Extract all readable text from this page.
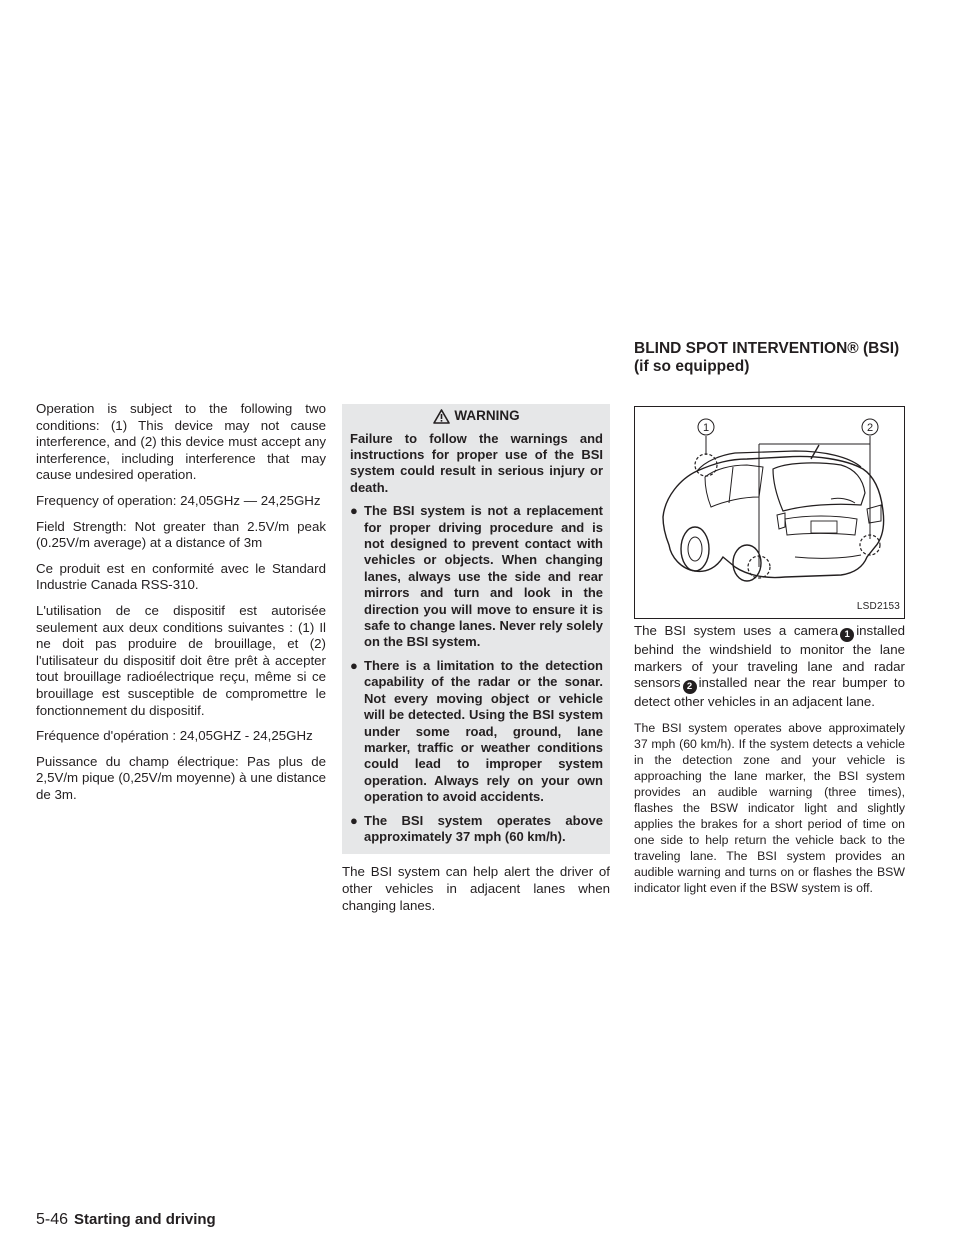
BLIND SPOT INTERVENTION® (BSI)
(if so equipped)

Operation is subject to the following two conditions: (1) This device may not cause interference, and (2) this device must accept any interference, including interference that may cause undesired operation.

Frequency of operation: 24,05GHz — 24,25GHz

Field Strength: Not greater than 2.5V/m peak (0.25V/m average) at a distance of 3m

Ce produit est en conformité avec le Standard Industrie Canada RSS-310.

L'utilisation de ce dispositif est autorisée seulement aux deux conditions suivantes : (1) Il ne doit pas produire de brouillage, et (2) l'utilisateur du dispositif doit être prêt à accepter tout brouillage radioélectrique reçu, même si ce brouillage est susceptible de compromettre le fonctionnement du dispositif.

Fréquence d'opération : 24,05GHZ - 24,25GHz

Puissance du champ électrique: Pas plus de 2,5V/m pique (0,25V/m moyenne) à une distance de 3m.

WARNING

Failure to follow the warnings and instructions for proper use of the BSI system could result in serious injury or death.

● The BSI system is not a replacement for proper driving procedure and is not designed to prevent contact with vehicles or objects. When changing lanes, always use the side and rear mirrors and turn and look in the direction you will move to ensure it is safe to change lanes. Never rely solely on the BSI system.
● There is a limitation to the detection capability of the radar or the sonar. Not every moving object or vehicle will be detected. Using the BSI system under some road, ground, lane marker, traffic or weather conditions could lead to improper system operation. Always rely on your own operation to avoid accidents.
● The BSI system operates above approximately 37 mph (60 km/h).

The BSI system can help alert the driver of other vehicles in adjacent lanes when changing lanes.

1	2
LSD2153

The BSI system uses a camera 1 installed behind the windshield to monitor the lane markers of your traveling lane and radar sensors 2 installed near the rear bumper to detect other vehicles in an adjacent lane.

The BSI system operates above approximately 37 mph (60 km/h). If the system detects a vehicle in the detection zone and your vehicle is approaching the lane marker, the BSI system provides an audible warning (three times), flashes the BSW indicator light and slightly applies the brakes for a short period of time on one side to help return the vehicle back to the traveling lane. The BSI system provides an audible warning and turns on or flashes the BSW indicator light even if the BSW system is off.

5-46 Starting and driving
